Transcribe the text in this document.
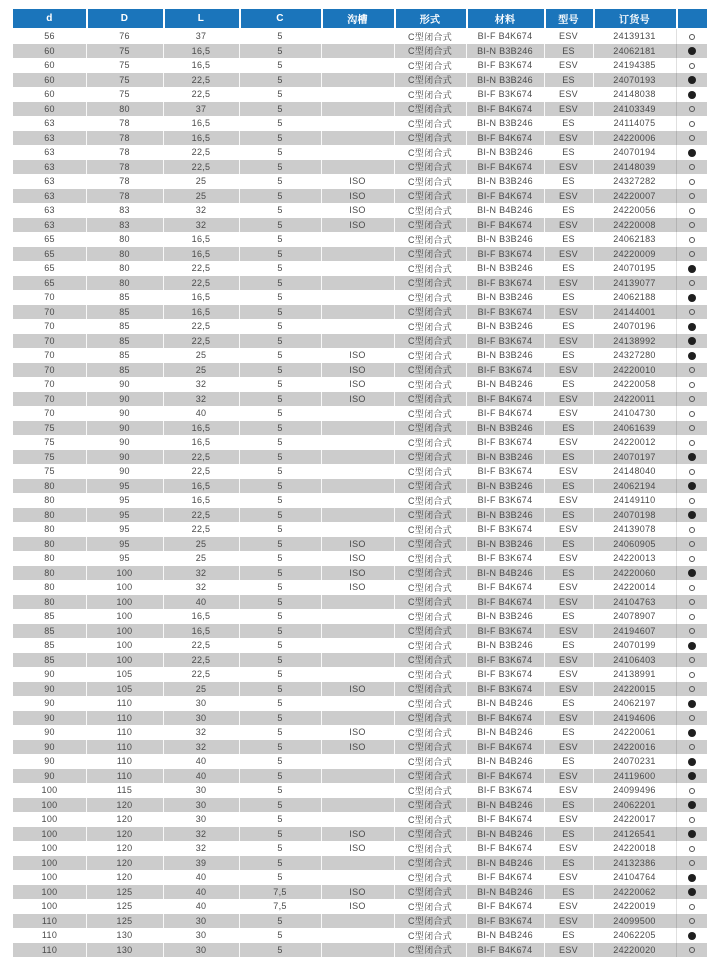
d	D	L	C	沟槽	形式	材料	型号	订货号	
56	76	37	5		C型闭合式	BI-F B4K674	ESV	24139131	
60	75	16,5	5		C型闭合式	BI-N B3B246	ES	24062181	
60	75	16,5	5		C型闭合式	BI-F B3K674	ESV	24194385	
60	75	22,5	5		C型闭合式	BI-N B3B246	ES	24070193	
60	75	22,5	5		C型闭合式	BI-F B3K674	ESV	24148038	
60	80	37	5		C型闭合式	BI-F B4K674	ESV	24103349	
63	78	16,5	5		C型闭合式	BI-N B3B246	ES	24114075	
63	78	16,5	5		C型闭合式	BI-F B4K674	ESV	24220006	
63	78	22,5	5		C型闭合式	BI-N B3B246	ES	24070194	
63	78	22,5	5		C型闭合式	BI-F B4K674	ESV	24148039	
63	78	25	5	ISO	C型闭合式	BI-N B3B246	ES	24327282	
63	78	25	5	ISO	C型闭合式	BI-F B4K674	ESV	24220007	
63	83	32	5	ISO	C型闭合式	BI-N B4B246	ES	24220056	
63	83	32	5	ISO	C型闭合式	BI-F B4K674	ESV	24220008	
65	80	16,5	5		C型闭合式	BI-N B3B246	ES	24062183	
65	80	16,5	5		C型闭合式	BI-F B3K674	ESV	24220009	
65	80	22,5	5		C型闭合式	BI-N B3B246	ES	24070195	
65	80	22,5	5		C型闭合式	BI-F B3K674	ESV	24139077	
70	85	16,5	5		C型闭合式	BI-N B3B246	ES	24062188	
70	85	16,5	5		C型闭合式	BI-F B3K674	ESV	24144001	
70	85	22,5	5		C型闭合式	BI-N B3B246	ES	24070196	
70	85	22,5	5		C型闭合式	BI-F B3K674	ESV	24138992	
70	85	25	5	ISO	C型闭合式	BI-N B3B246	ES	24327280	
70	85	25	5	ISO	C型闭合式	BI-F B3K674	ESV	24220010	
70	90	32	5	ISO	C型闭合式	BI-N B4B246	ES	24220058	
70	90	32	5	ISO	C型闭合式	BI-F B4K674	ESV	24220011	
70	90	40	5		C型闭合式	BI-F B4K674	ESV	24104730	
75	90	16,5	5		C型闭合式	BI-N B3B246	ES	24061639	
75	90	16,5	5		C型闭合式	BI-F B3K674	ESV	24220012	
75	90	22,5	5		C型闭合式	BI-N B3B246	ES	24070197	
75	90	22,5	5		C型闭合式	BI-F B3K674	ESV	24148040	
80	95	16,5	5		C型闭合式	BI-N B3B246	ES	24062194	
80	95	16,5	5		C型闭合式	BI-F B3K674	ESV	24149110	
80	95	22,5	5		C型闭合式	BI-N B3B246	ES	24070198	
80	95	22,5	5		C型闭合式	BI-F B3K674	ESV	24139078	
80	95	25	5	ISO	C型闭合式	BI-N B3B246	ES	24060905	
80	95	25	5	ISO	C型闭合式	BI-F B3K674	ESV	24220013	
80	100	32	5	ISO	C型闭合式	BI-N B4B246	ES	24220060	
80	100	32	5	ISO	C型闭合式	BI-F B4K674	ESV	24220014	
80	100	40	5		C型闭合式	BI-F B4K674	ESV	24104763	
85	100	16,5	5		C型闭合式	BI-N B3B246	ES	24078907	
85	100	16,5	5		C型闭合式	BI-F B3K674	ESV	24194607	
85	100	22,5	5		C型闭合式	BI-N B3B246	ES	24070199	
85	100	22,5	5		C型闭合式	BI-F B3K674	ESV	24106403	
90	105	22,5	5		C型闭合式	BI-F B3K674	ESV	24138991	
90	105	25	5	ISO	C型闭合式	BI-F B3K674	ESV	24220015	
90	110	30	5		C型闭合式	BI-N B4B246	ES	24062197	
90	110	30	5		C型闭合式	BI-F B4K674	ESV	24194606	
90	110	32	5	ISO	C型闭合式	BI-N B4B246	ES	24220061	
90	110	32	5	ISO	C型闭合式	BI-F B4K674	ESV	24220016	
90	110	40	5		C型闭合式	BI-N B4B246	ES	24070231	
90	110	40	5		C型闭合式	BI-F B4K674	ESV	24119600	
100	115	30	5		C型闭合式	BI-F B3K674	ESV	24099496	
100	120	30	5		C型闭合式	BI-N B4B246	ES	24062201	
100	120	30	5		C型闭合式	BI-F B4K674	ESV	24220017	
100	120	32	5	ISO	C型闭合式	BI-N B4B246	ES	24126541	
100	120	32	5	ISO	C型闭合式	BI-F B4K674	ESV	24220018	
100	120	39	5		C型闭合式	BI-N B4B246	ES	24132386	
100	120	40	5		C型闭合式	BI-F B4K674	ESV	24104764	
100	125	40	7,5	ISO	C型闭合式	BI-N B4B246	ES	24220062	
100	125	40	7,5	ISO	C型闭合式	BI-F B4K674	ESV	24220019	
110	125	30	5		C型闭合式	BI-F B3K674	ESV	24099500	
110	130	30	5		C型闭合式	BI-N B4B246	ES	24062205	
110	130	30	5		C型闭合式	BI-F B4K674	ESV	24220020	
